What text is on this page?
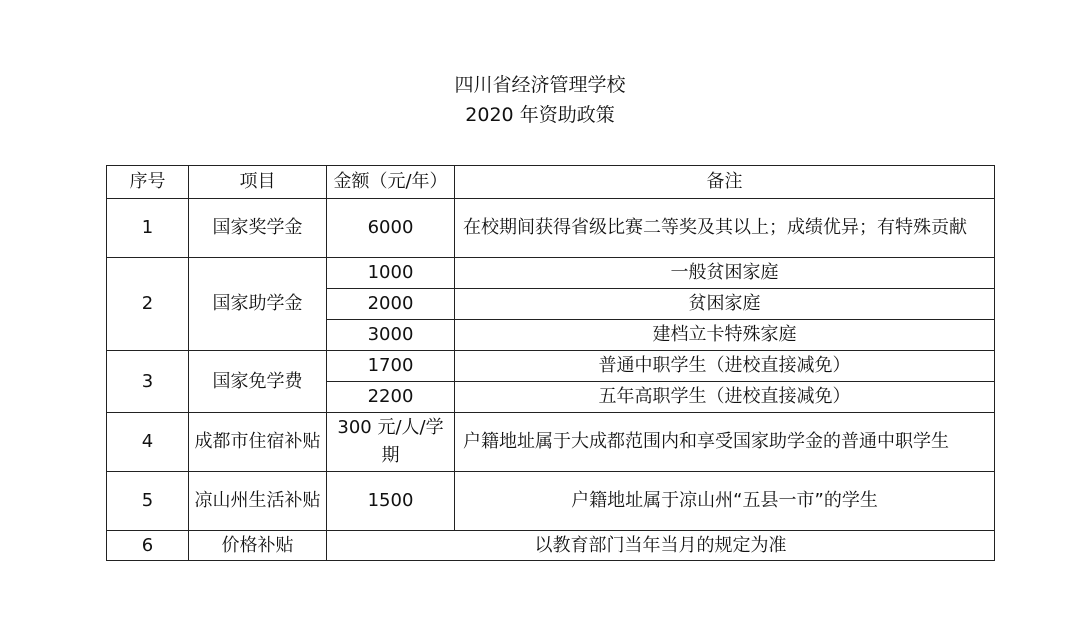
四川省经济管理学校
2020 年资助政策
序号	项目	金额（元/年）	备注
1	国家奖学金	6000	在校期间获得省级比赛二等奖及其以上；成绩优异；有特殊贡献
2	国家助学金	1000	一般贫困家庭
		2000	贫困家庭
		3000	建档立卡特殊家庭
3	国家免学费	1700	普通中职学生（进校直接减免）
		2200	五年高职学生（进校直接减免）
4	成都市住宿补贴	300 元/人/学期	户籍地址属于大成都范围内和享受国家助学金的普通中职学生
5	凉山州生活补贴	1500	户籍地址属于凉山州“五县一市”的学生
6	价格补贴	以教育部门当年当月的规定为准	
